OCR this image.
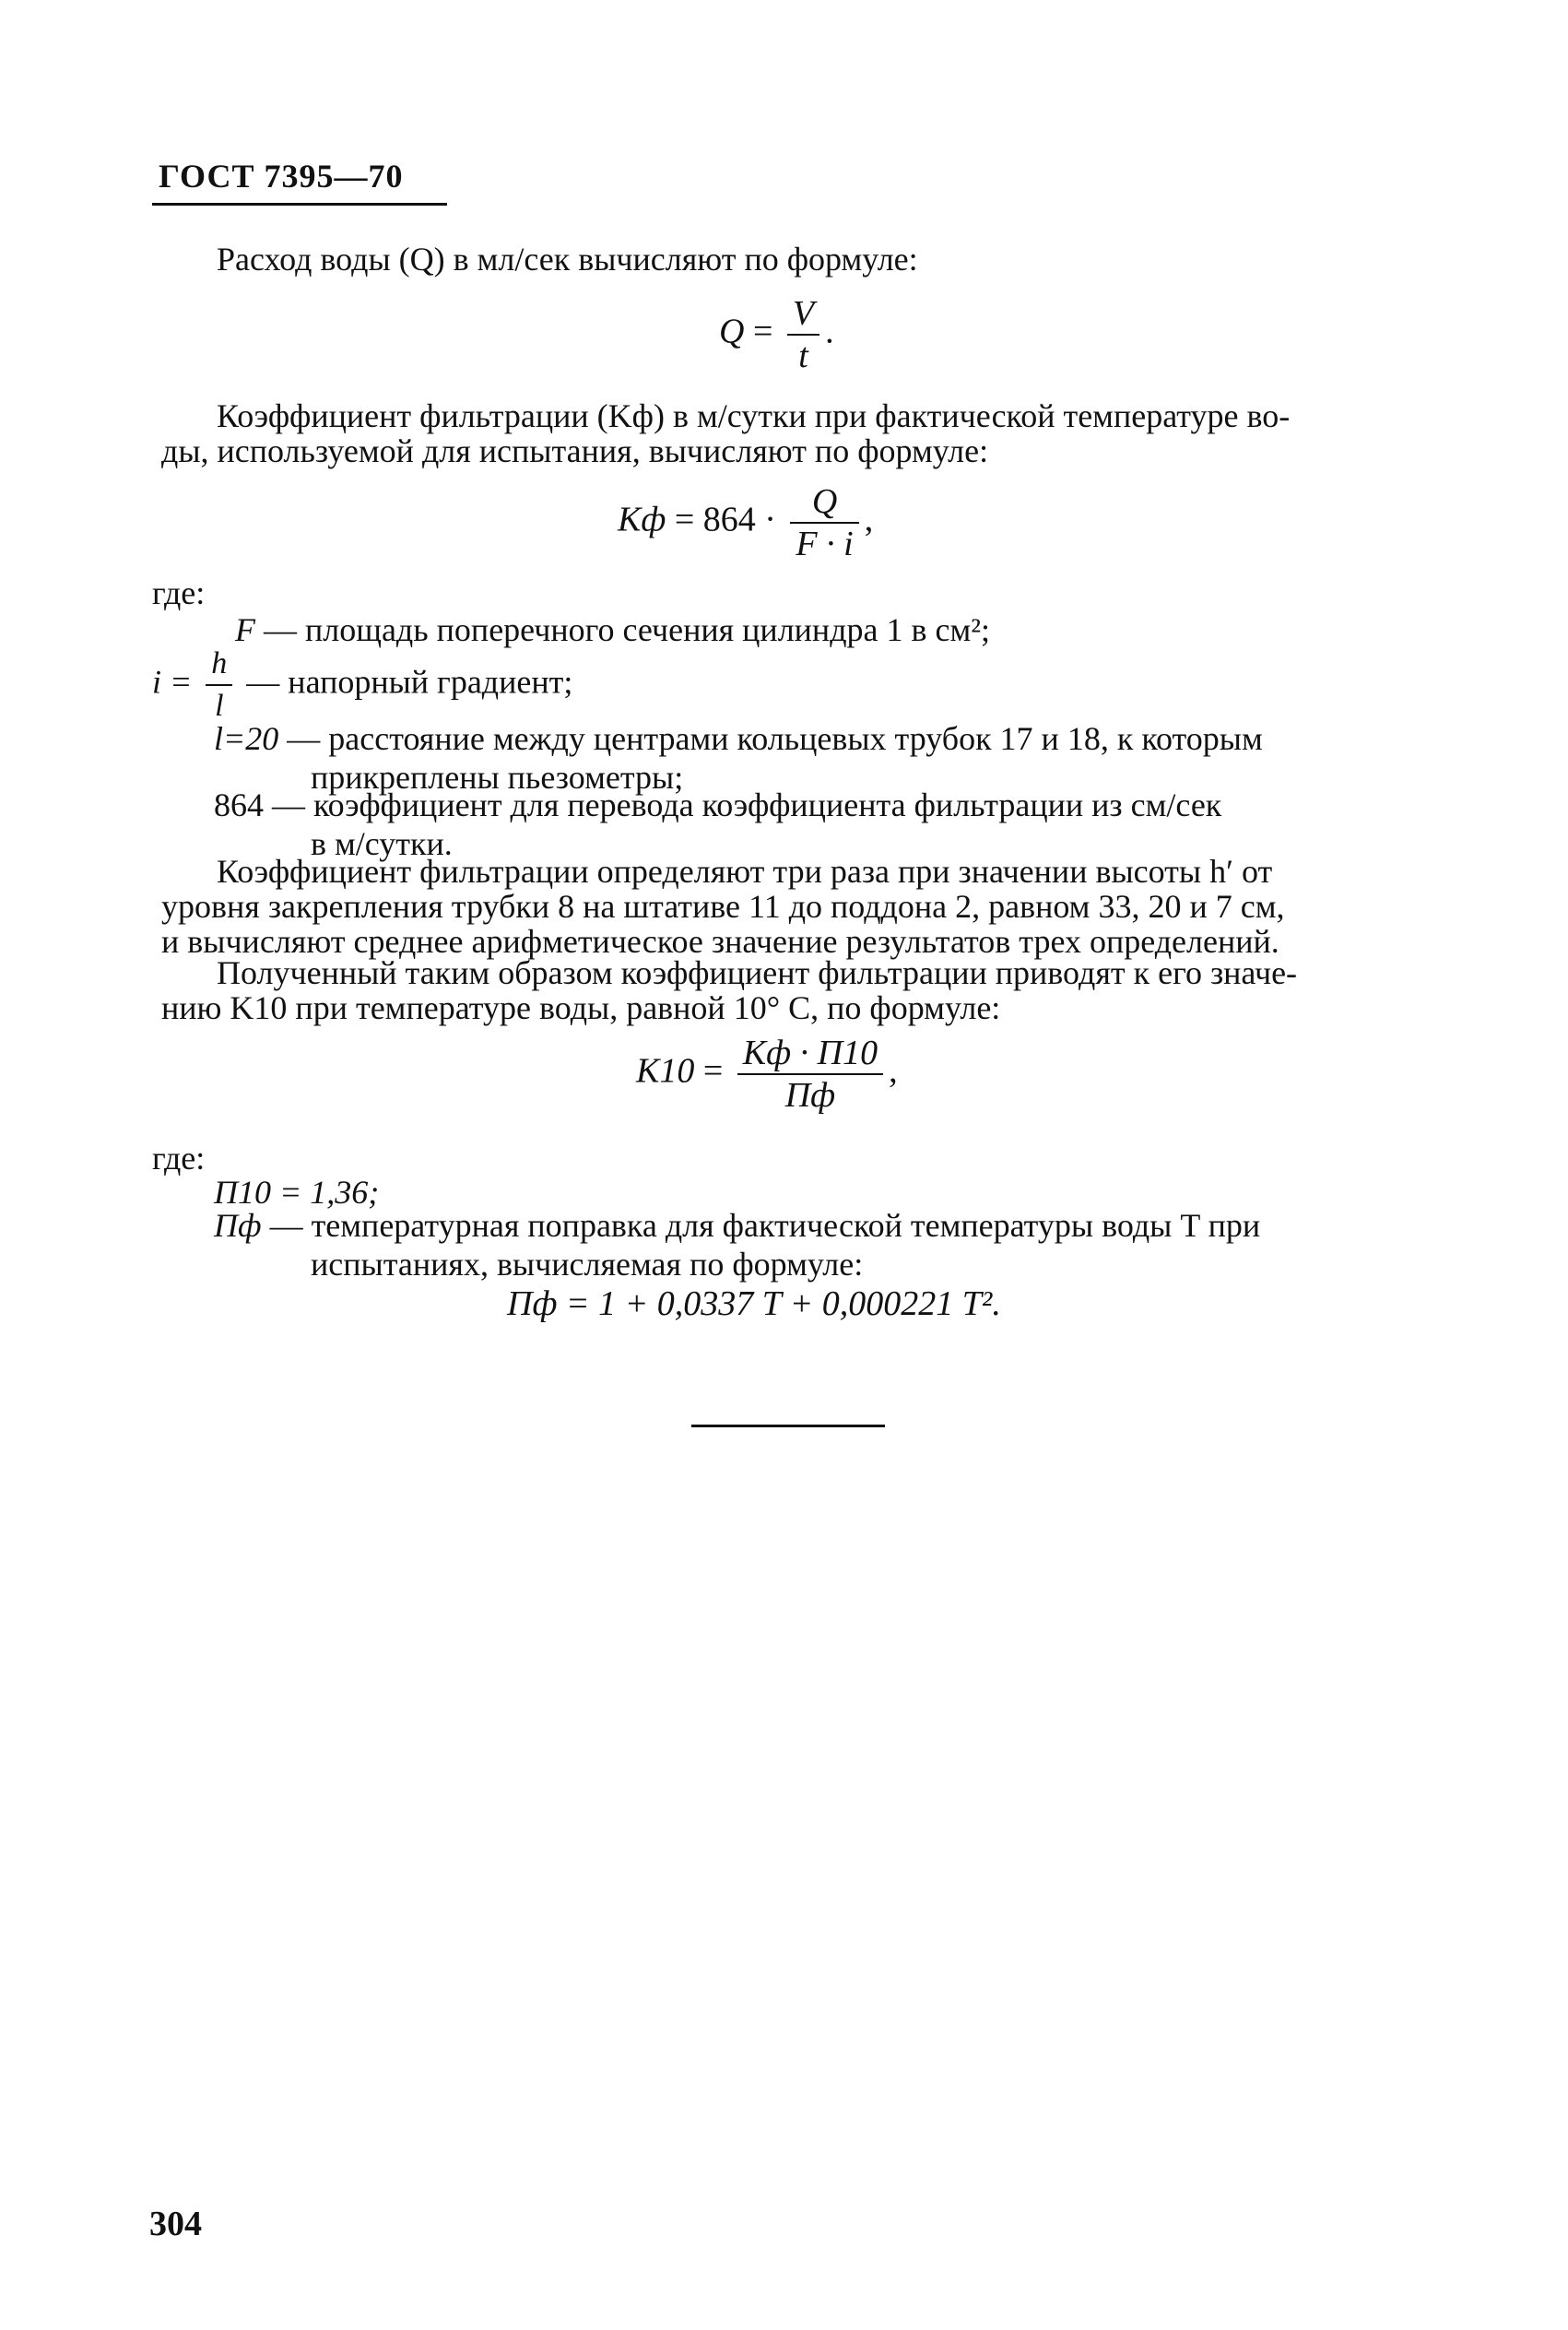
ГОСТ 7395—70
Расход воды (Q) в мл/сек вычисляют по формуле:
$Q = \frac{V}{t}$ .
Коэффициент фильтрации (Kф) в м/сутки при фактической температуре во-
ды, используемой для испытания, вычисляют по формуле:
Kф = $864 \cdot \frac{Q}{F \cdot i}$ ,
где:
F — площадь поперечного сечения цилиндра 1 в см²;
$i = \frac{h}{l}$ — напорный градиент;
l=20 — расстояние между центрами кольцевых трубок 17 и 18, к которым
прикреплены пьезометры;
864 — коэффициент для перевода коэффициента фильтрации из см/сек
в м/сутки.
Коэффициент фильтрации определяют три раза при значении высоты h′ от
уровня закрепления трубки 8 на штативе 11 до поддона 2, равном 33, 20 и 7 см,
и вычисляют среднее арифметическое значение результатов трех определений.
Полученный таким образом коэффициент фильтрации приводят к его значе-
нию K10 при температуре воды, равной 10° С, по формуле:
$K10 = \frac{Kф \cdot П10}{Пф}$ ,
где:
П10 = 1,36;
Пф — температурная поправка для фактической температуры воды T при
испытаниях, вычисляемая по формуле:
Пф = 1 + 0,0337 T + 0,000221 T².
304
